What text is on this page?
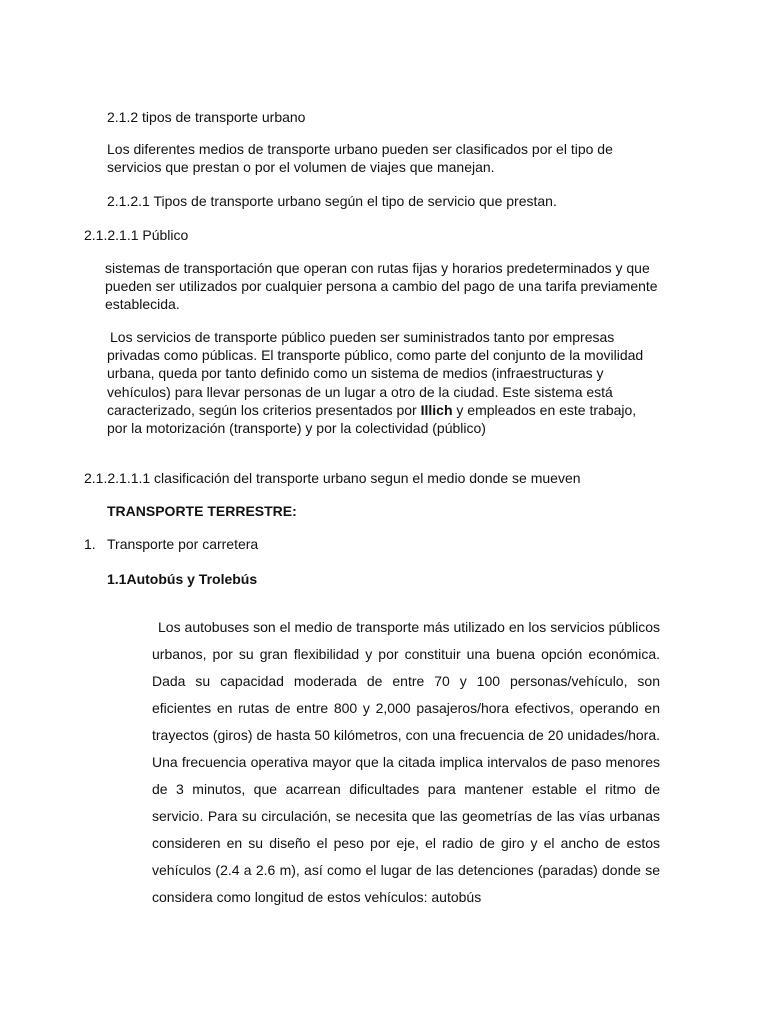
2.1.2 tipos de transporte urbano

Los diferentes medios de transporte urbano pueden ser clasificados por el tipo de servicios que prestan o por el volumen de viajes que manejan.

2.1.2.1 Tipos de transporte urbano según el tipo de servicio que prestan.
2.1.2.1.1 Público

sistemas de transportación que operan con rutas fijas y horarios predeterminados y que pueden ser utilizados por cualquier persona a cambio del pago de una tarifa previamente establecida.

Los servicios de transporte público pueden ser suministrados tanto por empresas privadas como públicas. El transporte público, como parte del conjunto de la movilidad urbana, queda por tanto definido como un sistema de medios (infraestructuras y vehículos) para llevar personas de un lugar a otro de la ciudad. Este sistema está caracterizado, según los criterios presentados por Illich y empleados en este trabajo, por la motorización (transporte) y por la colectividad (público)

2.1.2.1.1.1 clasificación del transporte urbano segun el medio donde se mueven
TRANSPORTE TERRESTRE:
1. Transporte por carretera
1.1Autobús y Trolebús

Los autobuses son el medio de transporte más utilizado en los servicios públicos urbanos, por su gran flexibilidad y por constituir una buena opción económica. Dada su capacidad moderada de entre 70 y 100 personas/vehículo, son eficientes en rutas de entre 800 y 2,000 pasajeros/hora efectivos, operando en trayectos (giros) de hasta 50 kilómetros, con una frecuencia de 20 unidades/hora. Una frecuencia operativa mayor que la citada implica intervalos de paso menores de 3 minutos, que acarrean dificultades para mantener estable el ritmo de servicio. Para su circulación, se necesita que las geometrías de las vías urbanas consideren en su diseño el peso por eje, el radio de giro y el ancho de estos vehículos (2.4 a 2.6 m), así como el lugar de las detenciones (paradas) donde se considera como longitud de estos vehículos: autobús
